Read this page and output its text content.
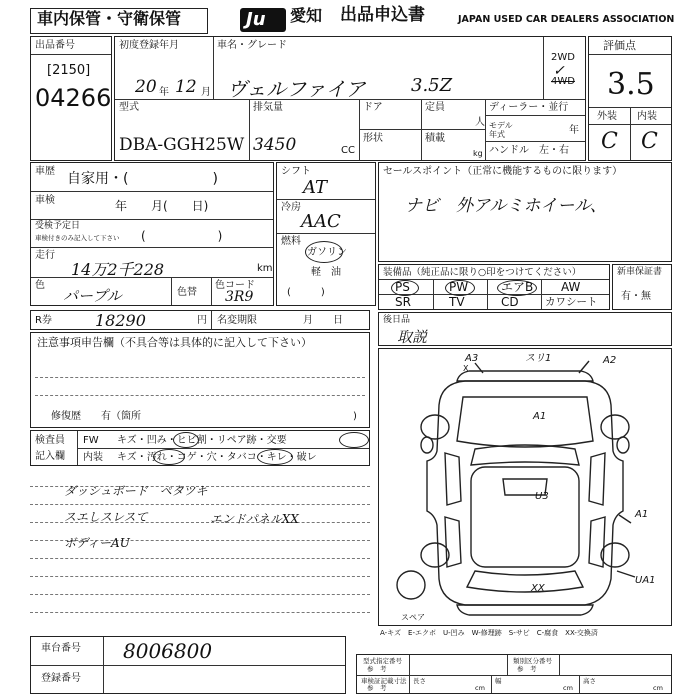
車内保管・守衛保管	Ju 愛知 出品申込書	JAPAN USED CAR DEALERS ASSOCIATION
出品番号
[2150]
04266
初度登録年月
20 年 12 月
車名・グレード
ヴェルファイア	3.5Z
2WD
4WD
✓
型式
DBA-GGH25W
排気量
3450	CC
ドア
形状
定員
人
積載
kg
ディーラー・並行
モデル年式	年
ハンドル　左・右
評価点
3.5
外装 内装
C C
車歴 自家用・(　　　　　　)
車検	年　　月(　　日)
受検予定日
車検付きのみ記入して下さい (　　　　　　)
走行
14万2千228	km
色
パープル	色替
色コード
3R9
シフト
AT
冷房
AAC
燃料
ガソリン
軽　油
(　　　)
セールスポイント（正常に機能するものに限ります）
ナビ　外アルミホイール、
装備品（純正品に限り○印をつけてください）
PS	PW	エアB AW
SR	TV	CD	カワシート
新車保証書
有・無
R券	18290	円 名変期限	月　　日	後日品
取説
注意事項申告欄（不具合等は具体的に記入して下さい）
修復歴　　有（箇所	)
検査員
記入欄
FW キズ・凹み・ヒビ割・リペア跡・交要
内装 キズ・汚れ・コゲ・穴・タバコ・キレ・破レ
ダッシュボード　ペタツキ
スエしスレスて
ボディーAU
エンドパネルXX
A3
X
スリ1	A2
A1
U3
A1
UA1
XX
スペア
A-キズ　E-エクボ　U-凹み　W-修理跡　S-サビ　C-腐食　XX-交換済
車台番号 8006800
登録番号
型式指定番号
参　考
類別区分番号
参　考
車検証記載寸法
参　考
長さ
cm
幅
cm
高さ
cm
